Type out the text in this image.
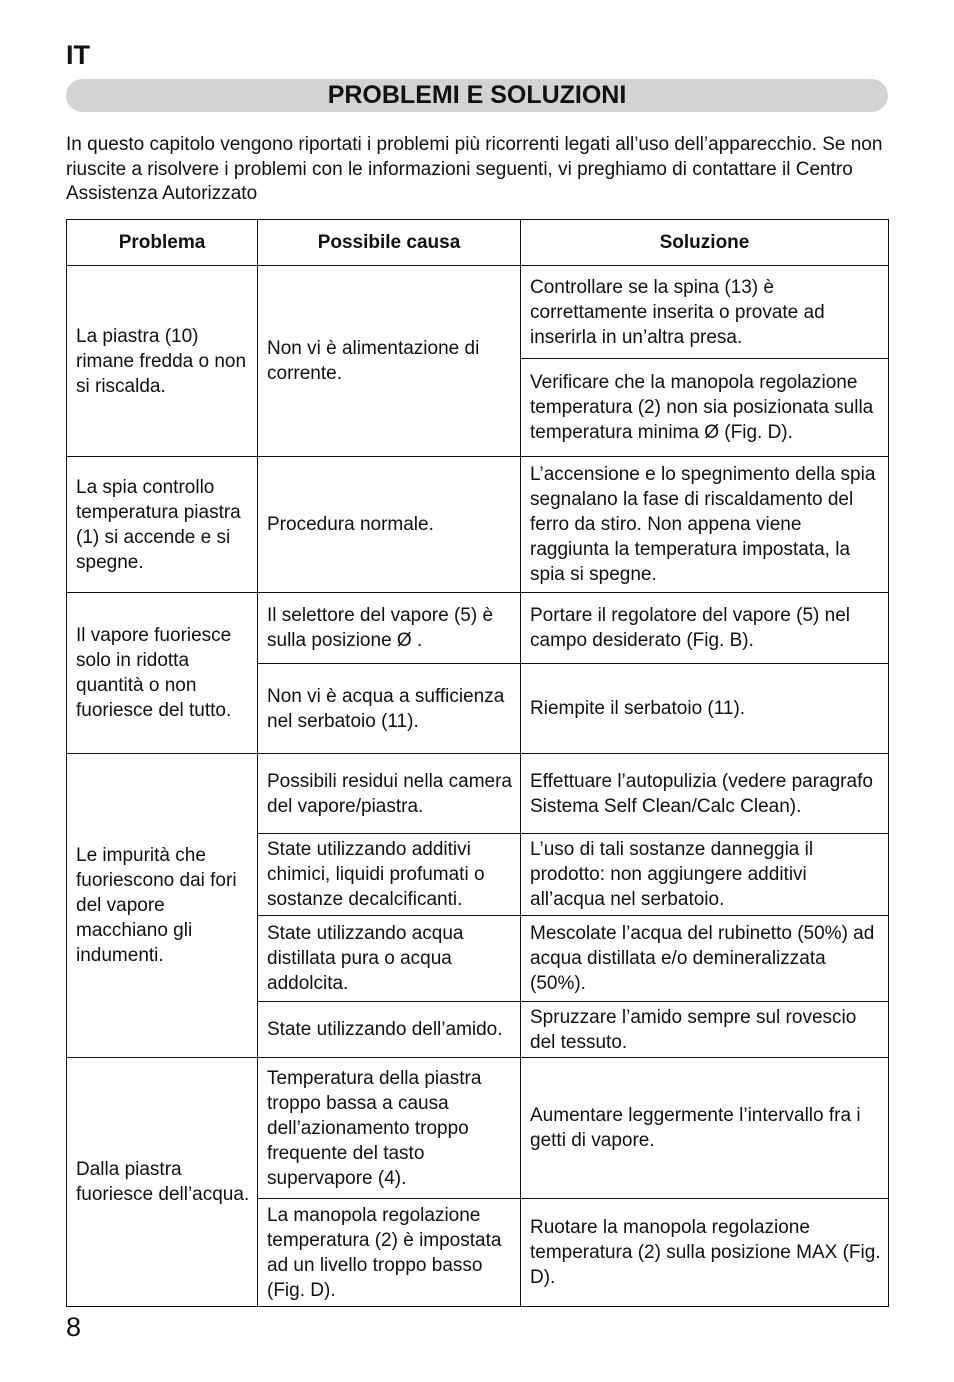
IT
PROBLEMI E SOLUZIONI
In questo capitolo vengono riportati i problemi più ricorrenti legati all’uso dell’apparecchio. Se non riuscite a risolvere i problemi con le informazioni seguenti, vi preghiamo di contattare il Centro Assistenza Autorizzato
Problema	Possibile causa	Soluzione
La piastra (10) rimane fredda o non si riscalda.	Non vi è alimentazione di corrente.	Controllare se la spina (13) è correttamente inserita o provate ad inserirla in un’altra presa.
		Verificare che la manopola regolazione temperatura (2) non sia posizionata sulla temperatura minima Ø (Fig. D).
La spia controllo temperatura piastra (1) si accende e si spegne.	Procedura normale.	L’accensione e lo spegnimento della spia segnalano la fase di riscaldamento del ferro da stiro. Non appena viene raggiunta la temperatura impostata, la spia si spegne.
Il vapore fuoriesce solo in ridotta quantità o non fuoriesce del tutto.	Il selettore del vapore (5) è sulla posizione Ø .	Portare il regolatore del vapore (5) nel campo desiderato (Fig. B).
	Non vi è acqua a sufficienza nel serbatoio (11).	Riempite il serbatoio (11).
Le impurità che fuoriescono dai fori del vapore macchiano gli indumenti.	Possibili residui nella camera del vapore/piastra.	Effettuare l’autopulizia (vedere paragrafo Sistema Self Clean/Calc Clean).
	State utilizzando additivi chimici, liquidi profumati o sostanze decalcificanti.	L’uso di tali sostanze danneggia il prodotto: non aggiungere additivi all’acqua nel serbatoio.
	State utilizzando acqua distillata pura o acqua addolcita.	Mescolate l’acqua del rubinetto (50%) ad acqua distillata e/o demineralizzata (50%).
	State utilizzando dell’amido.	Spruzzare l’amido sempre sul rovescio del tessuto.
Dalla piastra fuoriesce dell’acqua.	Temperatura della piastra troppo bassa a causa dell’azionamento troppo frequente del tasto supervapore (4).	Aumentare leggermente l’intervallo fra i getti di vapore.
	La manopola regolazione temperatura (2) è impostata ad un livello troppo basso (Fig. D).	Ruotare la manopola regolazione temperatura (2) sulla posizione MAX (Fig. D).
8
